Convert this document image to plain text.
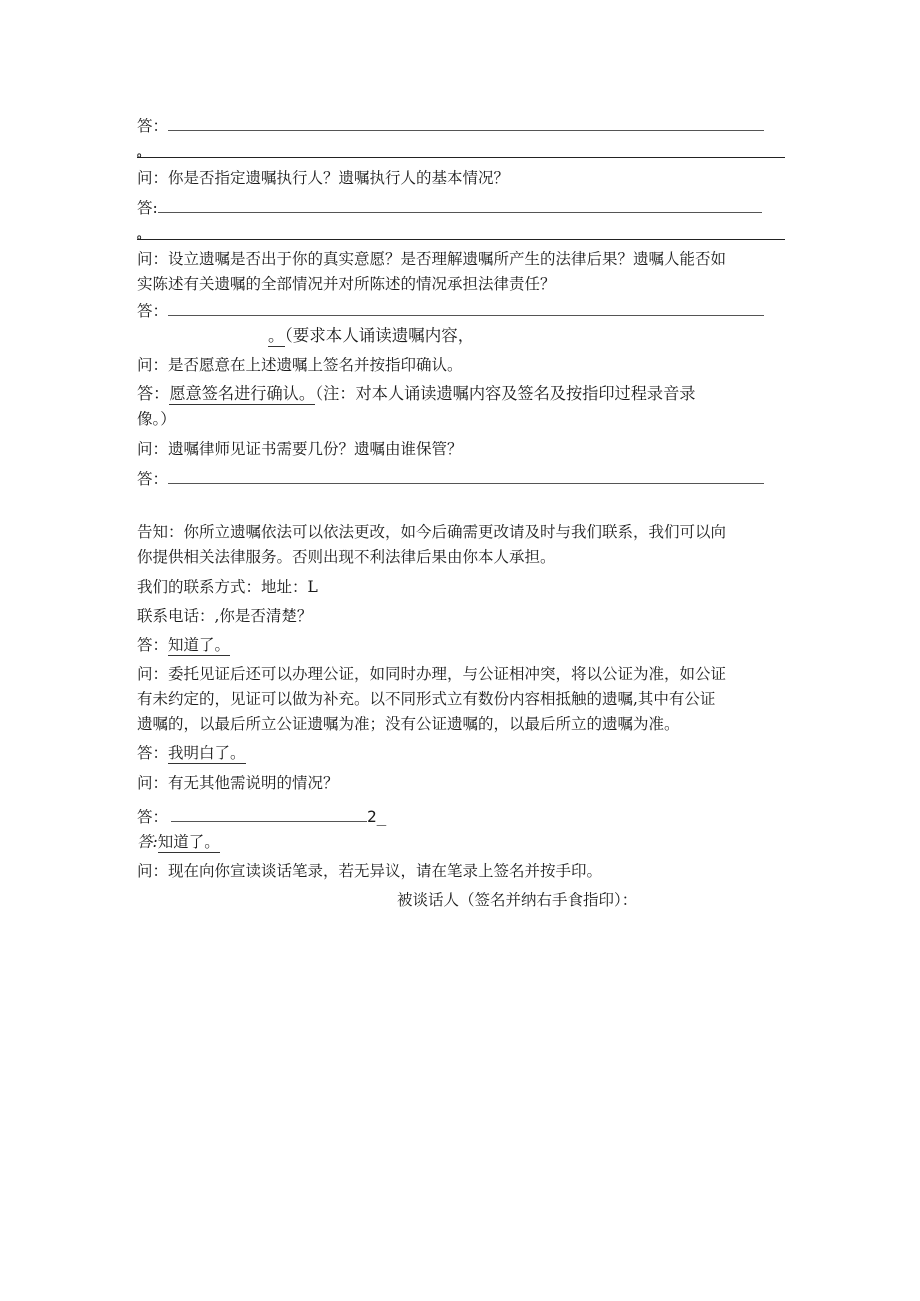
答：
。
问：你是否指定遗嘱执行人？遗嘱执行人的基本情况？
答:
。
问：设立遗嘱是否出于你的真实意愿？是否理解遗嘱所产生的法律后果？遗嘱人能否如
实陈述有关遗嘱的全部情况并对所陈述的情况承担法律责任？
答：
。（要求本人诵读遗嘱内容，
问：是否愿意在上述遗嘱上签名并按指印确认。
答：愿意签名进行确认。（注：对本人诵读遗嘱内容及签名及按指印过程录音录
像。）
问：遗嘱律师见证书需要几份？遗嘱由谁保管？
答：
告知：你所立遗嘱依法可以依法更改，如今后确需更改请及时与我们联系，我们可以向
你提供相关法律服务。否则出现不利法律后果由你本人承担。
我们的联系方式：地址：L
联系电话：,你是否清楚？
答：知道了。
问：委托见证后还可以办理公证，如同时办理，与公证相冲突，将以公证为准，如公证
有未约定的，见证可以做为补充。以不同形式立有数份内容相抵触的遗嘱,其中有公证
遗嘱的，以最后所立公证遗嘱为准；没有公证遗嘱的，以最后所立的遗嘱为准。
答：我明白了。
问：有无其他需说明的情况？
答：	2_
答:知道了。
问：现在向你宣读谈话笔录，若无异议，请在笔录上签名并按手印。
被谈话人（签名并纳右手食指印）：
